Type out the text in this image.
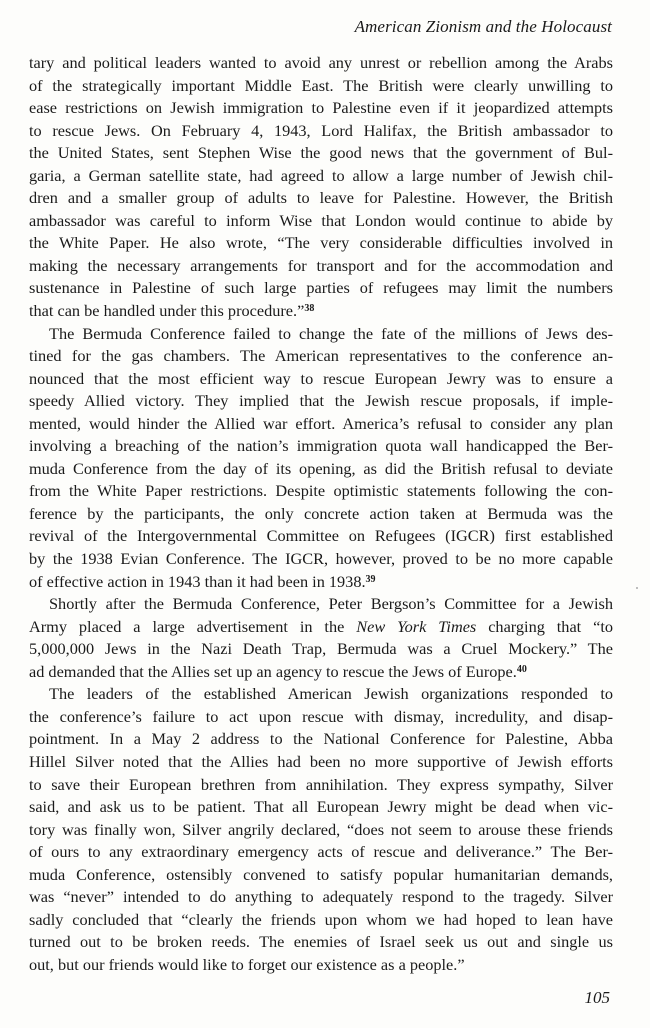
American Zionism and the Holocaust
tary and political leaders wanted to avoid any unrest or rebellion among the Arabs
of the strategically important Middle East. The British were clearly unwilling to
ease restrictions on Jewish immigration to Palestine even if it jeopardized attempts
to rescue Jews. On February 4, 1943, Lord Halifax, the British ambassador to
the United States, sent Stephen Wise the good news that the government of Bul-
garia, a German satellite state, had agreed to allow a large number of Jewish chil-
dren and a smaller group of adults to leave for Palestine. However, the British
ambassador was careful to inform Wise that London would continue to abide by
the White Paper. He also wrote, “The very considerable difficulties involved in
making the necessary arrangements for transport and for the accommodation and
sustenance in Palestine of such large parties of refugees may limit the numbers
that can be handled under this procedure.”$^{38}$
The Bermuda Conference failed to change the fate of the millions of Jews des-
tined for the gas chambers. The American representatives to the conference an-
nounced that the most efficient way to rescue European Jewry was to ensure a
speedy Allied victory. They implied that the Jewish rescue proposals, if imple-
mented, would hinder the Allied war effort. America’s refusal to consider any plan
involving a breaching of the nation’s immigration quota wall handicapped the Ber-
muda Conference from the day of its opening, as did the British refusal to deviate
from the White Paper restrictions. Despite optimistic statements following the con-
ference by the participants, the only concrete action taken at Bermuda was the
revival of the Intergovernmental Committee on Refugees (IGCR) first established
by the 1938 Evian Conference. The IGCR, however, proved to be no more capable
of effective action in 1943 than it had been in 1938.39
Shortly after the Bermuda Conference, Peter Bergson’s Committee for a Jewish
Army placed a large advertisement in the New York Times charging that “to
5,000,000 Jews in the Nazi Death Trap, Bermuda was a Cruel Mockery.” The
ad demanded that the Allies set up an agency to rescue the Jews of Europe.$^{40}$
The leaders of the established American Jewish organizations responded to
the conference’s failure to act upon rescue with dismay, incredulity, and disap-
pointment. In a May 2 address to the National Conference for Palestine, Abba
Hillel Silver noted that the Allies had been no more supportive of Jewish efforts
to save their European brethren from annihilation. They express sympathy, Silver
said, and ask us to be patient. That all European Jewry might be dead when vic-
tory was finally won, Silver angrily declared, “does not seem to arouse these friends
of ours to any extraordinary emergency acts of rescue and deliverance.” The Ber-
muda Conference, ostensibly convened to satisfy popular humanitarian demands,
was “never” intended to do anything to adequately respond to the tragedy. Silver
sadly concluded that “clearly the friends upon whom we had hoped to lean have
turned out to be broken reeds. The enemies of Israel seek us out and single us
out, but our friends would like to forget our existence as a people.”
105
